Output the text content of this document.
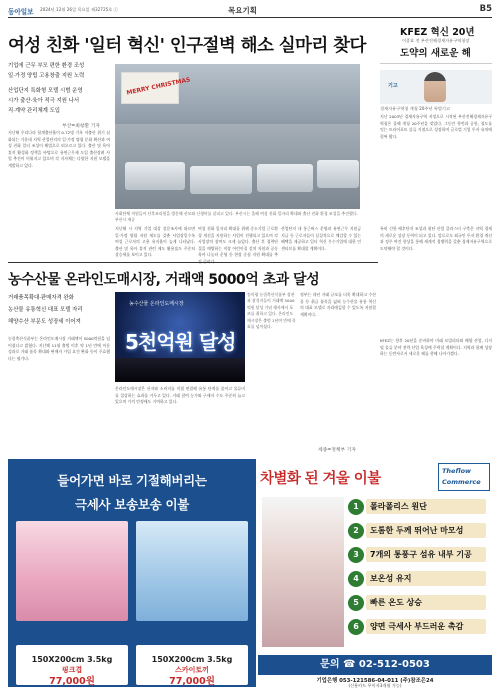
동아일보 2024년 12월 26일 목요일 제32725호 ⓒ	목요기획	B5
여성 친화 '일터 혁신' 인구절벽 해소 실마리 찾다
기업에 근무 부모 편한 환경 조성
일·가정 양립 고용창출 지원 노력
산업단지 특화형 모델 시범 운영
시가 출산·육아 적극 지원 나서
직·계약 관리체계 도입
부산=최창환 기자
지난해 우리나라 합계출산율이 0.72명 기록 저출산 위기 심화되는 가운데 지역 산업단지의 일·가정 양립 문화 확산과 여성 친화 일터 조성이 해법으로 떠오르고 있다. 출산 및 육아 휴직 활성화 정책을 바탕으로 유연근무제 도입 출산장려 사업 추진이 이뤄지고 있으며 각 지자체는 다양한 지원 모델을 개발하고 있다.
MERRY CHRISTMAS
사회단체 직원들이 산후조리원을 방문해 산모와 신생아를 살피고 있다. 부산시는 올해 여성 친화 일자리 확대와 출산 친화 환경 조성을 추진했다. 부산시 제공
지난해 시 지역 기업 대상 설문조사에 따르면 일·가정 양립 지원 제도를 갖춘 사업장일수록 여성 근로자의 고용 유지율이 높게 나타났다. 출산 및 육아 휴직 관련 제도 활용률도 꾸준히 상승세를 보이고 있다.
여성 친화 일자리 확대를 위해 중소기업 근로환경 개선을 지원하는 사업이 진행되고 있으며 각 사업장의 참여도 크게 늘었다. 출산 후 경력단절을 예방하는 직장 어린이집 설치 지원과 공동 육아 나눔터 운영 등 현장 중심 지원 확대를 추진 중이다.
산업단지 내 통근버스 운영과 유연근무 지원금 지급 등 근로자들이 실질적으로 체감할 수 있는 혜택을 제공하고 일터 혁신 우수기업에 대한 인센티브를 확대할 계획이다.
KFEZ 혁신 20년
이종효 전 부산진해경제자유구역청장
도약의 새로운 해
기고
경제자유구역청 개청 20주년 특별기고
지난 2003년 경제자유구역 지정으로 시작된 부산진해경제자유구역청은 올해 개청 20주년을 맞았다. 그동안 항만과 공항, 철도를 잇는 트라이포트 물류 거점으로 성장하며 글로벌 기업 투자 유치에 힘써 왔다.
특히 신항 배후단지 조성과 첨단 산업 클러스터 구축은 지역 경제의 새로운 성장 동력이 되고 있다. 앞으로도 외국인 투자 환경 개선과 정주 여건 향상을 통해 세계적 경쟁력을 갖춘 경제자유구역으로 도약해야 할 것이다.
KFEZ는 향후 20년을 준비하며 미래 모빌리티와 해양 산업, 디지털 물류 분야 전략 산업 육성에 주력할 계획이다. 지역과 함께 성장하는 동반자로서 새로운 해를 향해 나아가겠다.
농수산물 온라인도매시장, 거래액 5000억 초과 달성
거래품목확대·판매자격 완화
농산물 유통혁신 대표 모델 자리
해양수산 부문도 성장세 이어져
농수산물 온라인도매시장
5천억원 달성
송미령 농림축산식품부 장관과 참석자들이 거래액 5000억원 달성 기념 행사에서 포즈를 취하고 있다. 온라인도매시장은 출범 1년여 만에 목표를 넘어섰다.
농림축산식품부는 온라인도매시장 거래액이 5000억원을 넘어섰다고 밝혔다. 지난해 11월 출범 이후 약 1년 만에 이룬 성과로 거래 품목 확대와 판매자 가입 요건 완화 등이 주효했다는 평가다.
온라인도매시장은 산지와 소비지를 직접 연결해 유통 단계를 줄이고 물류비를 절감하는 효과를 거두고 있다. 거래 참여 농가와 구매자 수도 꾸준히 늘고 있으며 가격 안정에도 기여하고 있다.
정부는 내년 거래 규모를 더욱 확대하고 수산물 등 취급 품목을 넓혀 농수산물 유통 혁신의 대표 모델로 자리매김할 수 있도록 지원할 계획이다.
세종=정책부 기자
들어가면 바로 기절해버리는
극세사 보송보송 이불
150X200cm 3.5kg
핑크겹
77,000원
150X200cm 3.5kg
스카이토끼
77,000원
차별화 된 겨울 이불	Theflow
Commerce
1	폴라폴리스 원단
2	도톰한 두께 뛰어난 마모성
3	7개의 통풍구 섬유 내부 기공
4	보온성 유지
5	빠른 온도 상승
6	양면 극세사 부드러운 촉감
문의 ☎ 02-512-0503
기업은행 053-121586-04-011 (주)참조은24
(신용카드 무이자3개월 가능)
